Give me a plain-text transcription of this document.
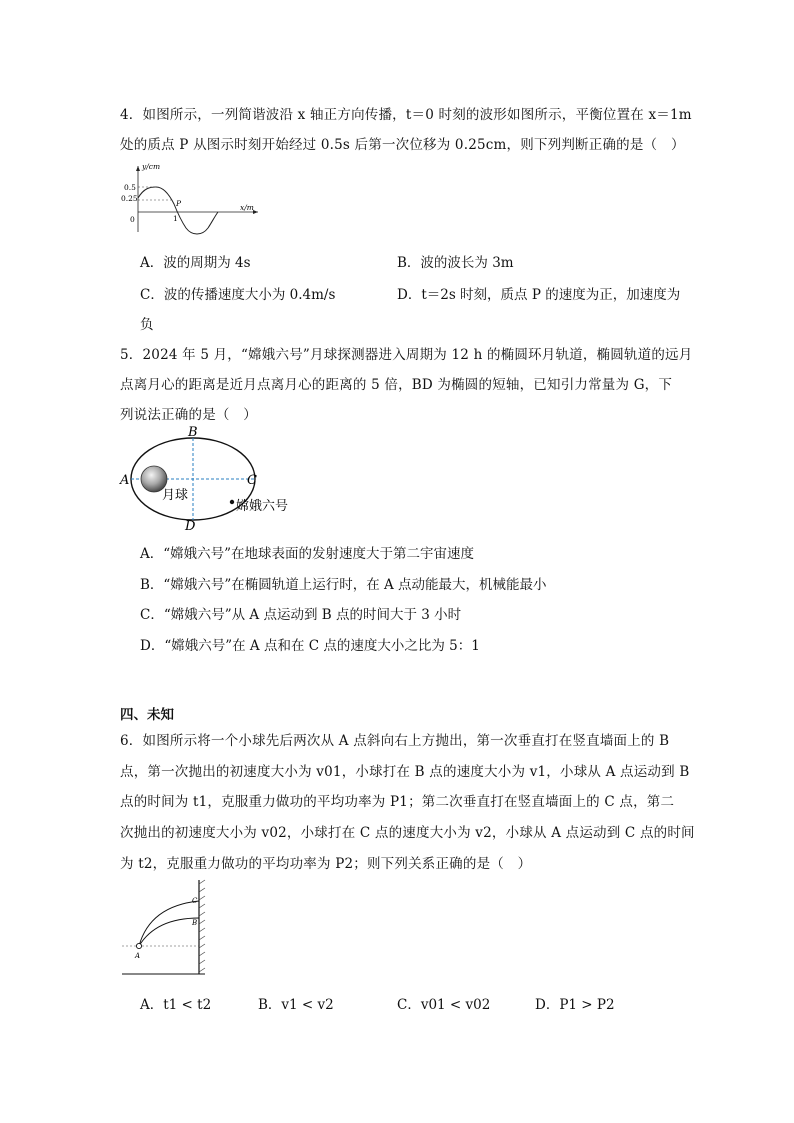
4．如图所示，一列简谐波沿 x 轴正方向传播，t＝0 时刻的波形如图所示，平衡位置在 x＝1m
处的质点 P 从图示时刻开始经过 0.5s 后第一次位移为 0.25cm，则下列判断正确的是（　）
y/cm
x/m
0.5
0.25
0	1
P
A．波的周期为 4s	B．波的波长为 3m
C．波的传播速度大小为 0.4m/s	D．t＝2s 时刻，质点 P 的速度为正，加速度为
负
5．2024 年 5 月，“嫦娥六号”月球探测器进入周期为 12 h 的椭圆环月轨道，椭圆轨道的远月
点离月心的距离是近月点离月心的距离的 5 倍，BD 为椭圆的短轴，已知引力常量为 G，下
列说法正确的是（　）
A
B
C
D
月球
嫦娥六号
A．“嫦娥六号”在地球表面的发射速度大于第二宇宙速度
B．“嫦娥六号”在椭圆轨道上运行时，在 A 点动能最大，机械能最小
C．“嫦娥六号”从 A 点运动到 B 点的时间大于 3 小时
D．“嫦娥六号”在 A 点和在 C 点的速度大小之比为 5：1
四、未知
6．如图所示将一个小球先后两次从 A 点斜向右上方抛出，第一次垂直打在竖直墙面上的 B
点，第一次抛出的初速度大小为 v01，小球打在 B 点的速度大小为 v1，小球从 A 点运动到 B
点的时间为 t1，克服重力做功的平均功率为 P1；第二次垂直打在竖直墙面上的 C 点，第二
次抛出的初速度大小为 v02，小球打在 C 点的速度大小为 v2，小球从 A 点运动到 C 点的时间
为 t2，克服重力做功的平均功率为 P2；则下列关系正确的是（　）
A
B
C
A．t1 < t2	B．v1 < v2	C．v01 < v02	D．P1 > P2
